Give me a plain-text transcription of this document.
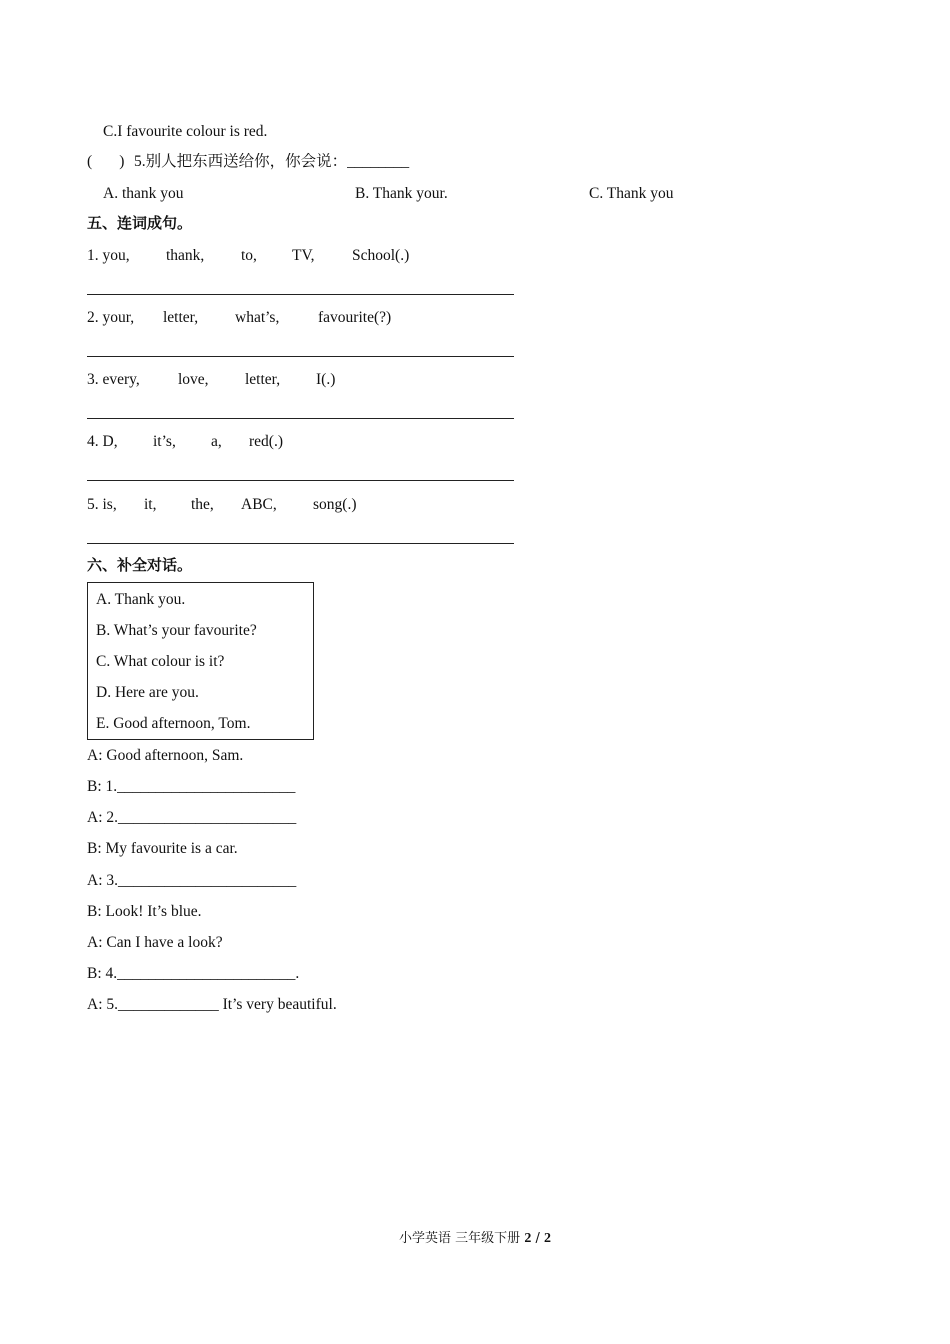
C.I favourite colour is red.
(       ) 5.别人把东西送给你，你会说：________
A. thank you	B. Thank your.	C. Thank you
五、连词成句。
1. you, thank, to, TV, School(.)
2. your, letter, what’s, favourite(?)
3. every, love, letter, I(.)
4. D, it’s, a, red(.)
5. is, it, the, ABC, song(.)
六、补全对话。
A. Thank you.
B. What’s your favourite?
C. What colour is it?
D. Here are you.
E. Good afternoon, Tom.
A: Good afternoon, Sam.
B: 1._______________________
A: 2._______________________
B: My favourite is a car.
A: 3._______________________
B: Look! It’s blue.
A: Can I have a look?
B: 4._______________________.
A: 5._____________ It’s very beautiful.
小学英语 三年级下册 2 / 2
